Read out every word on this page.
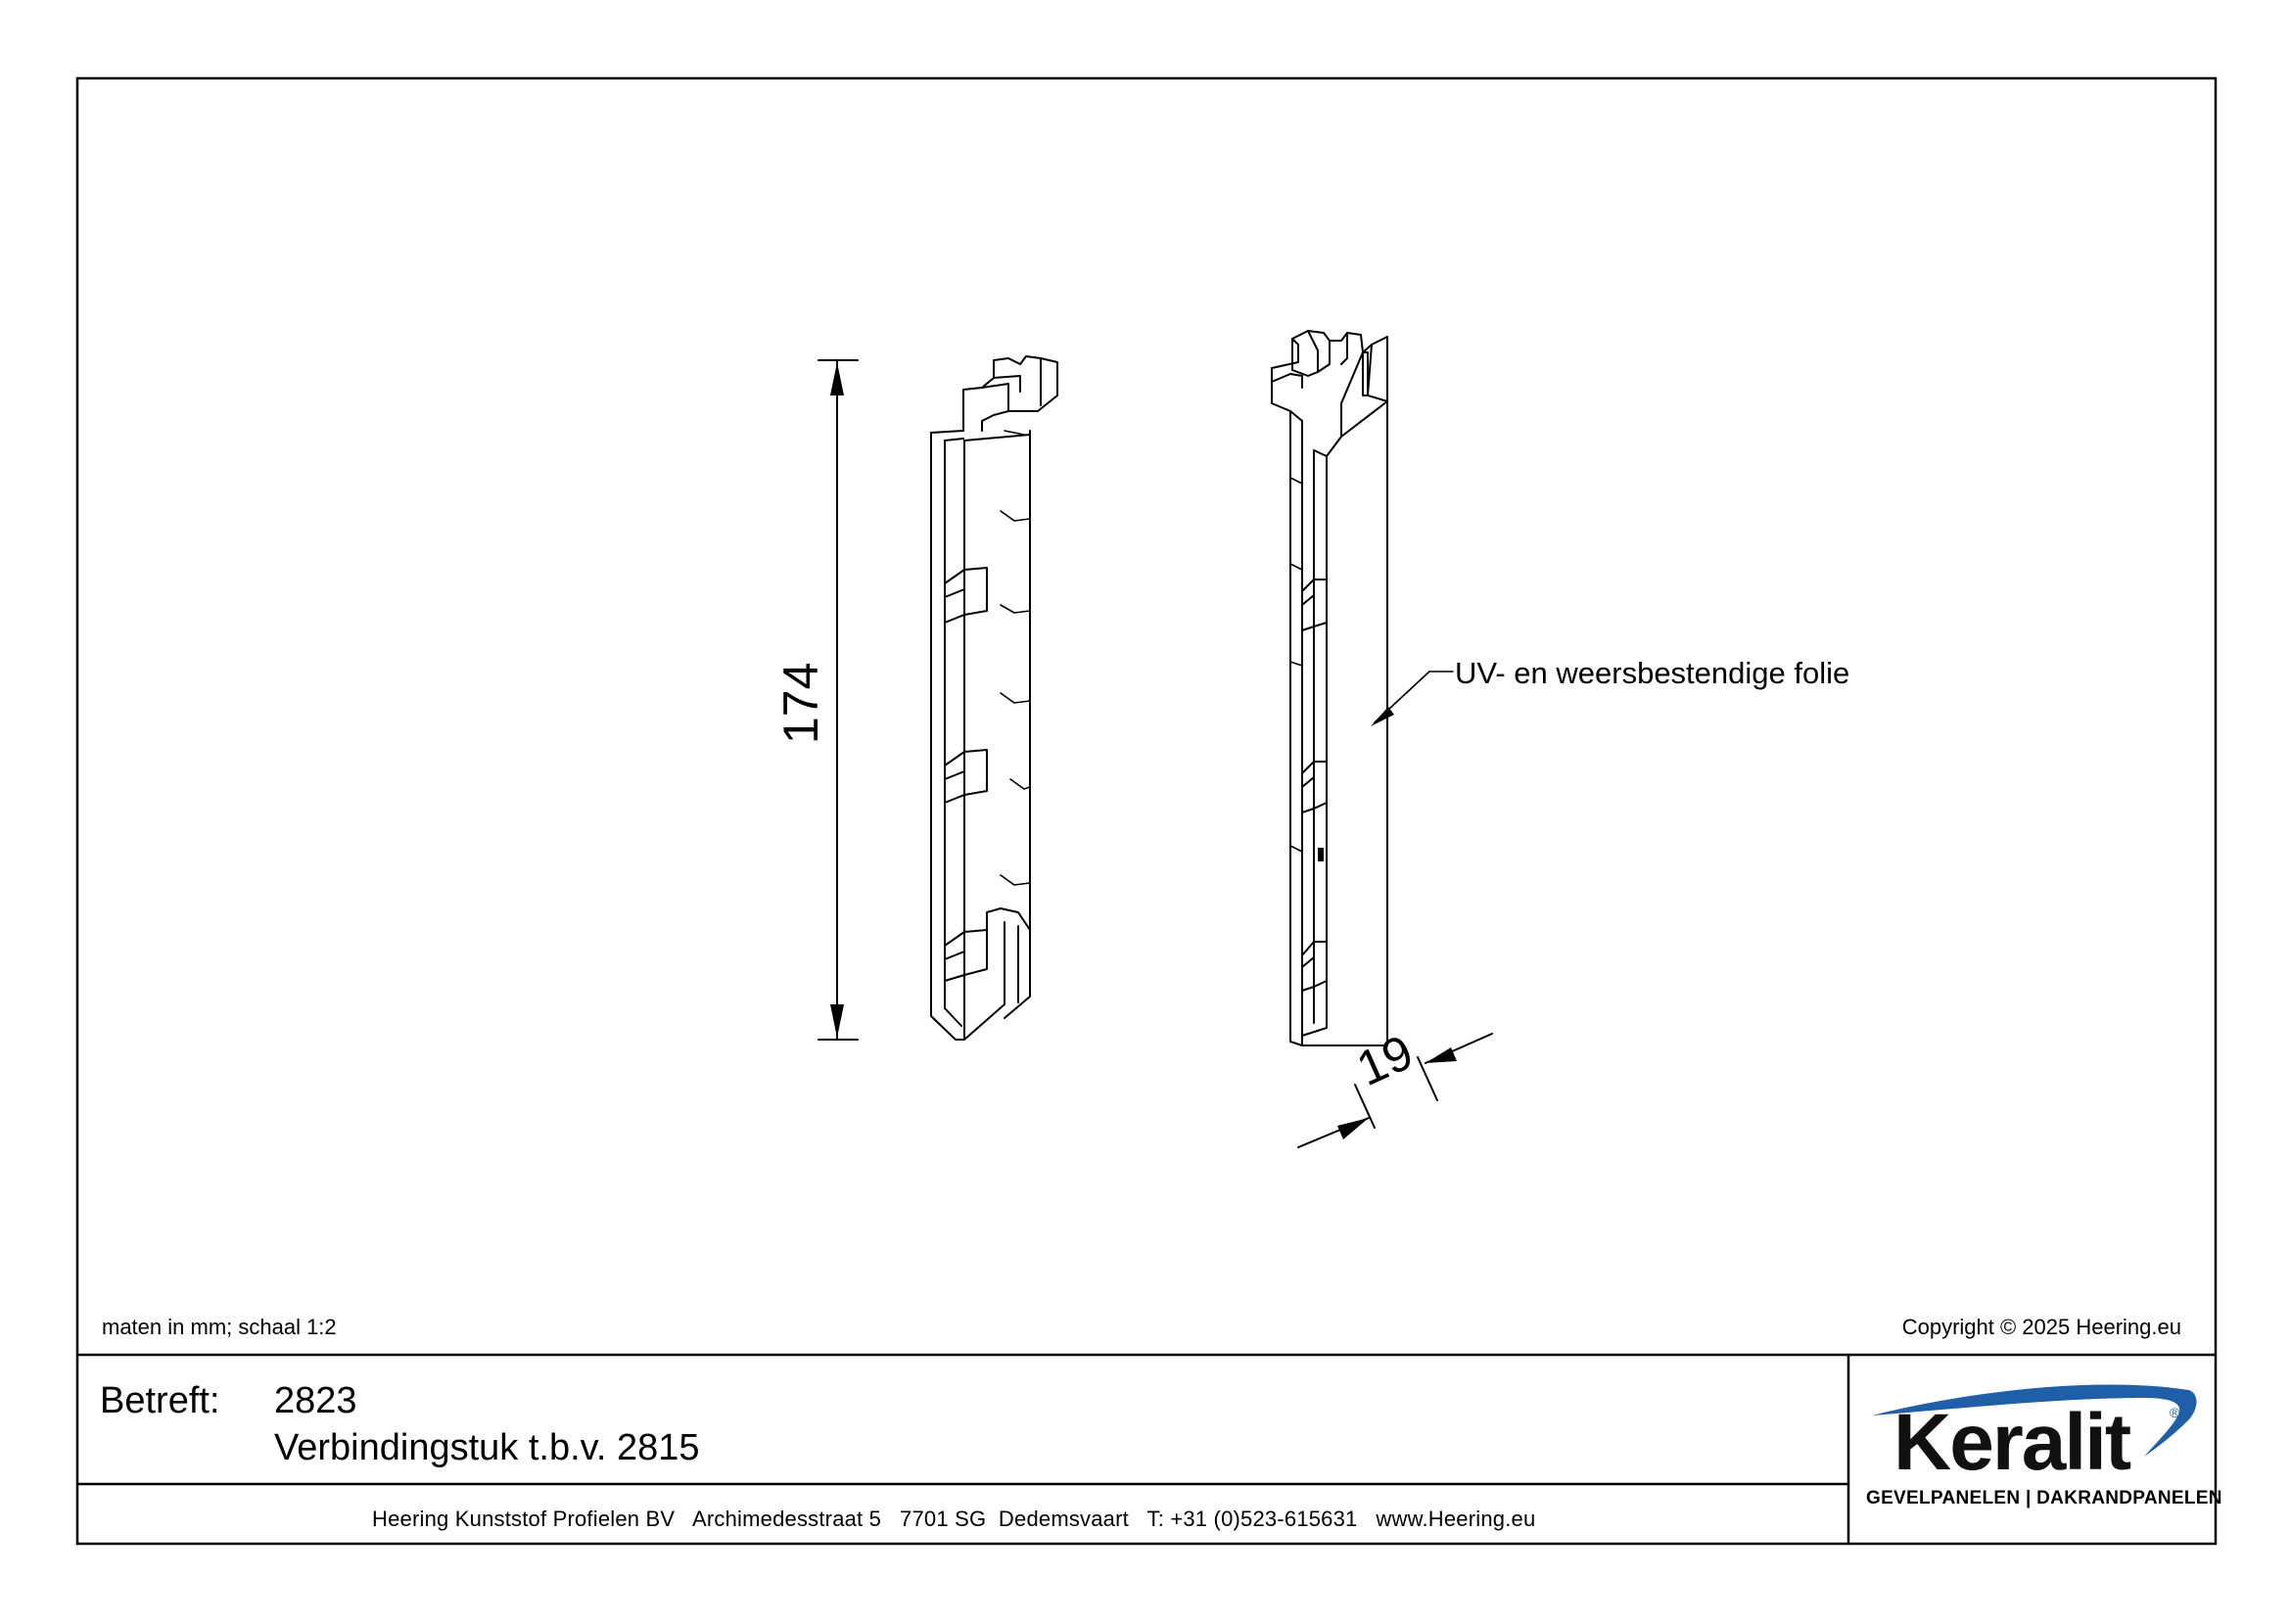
174	UV- en weersbestendige folie
19
Keralit	®
GEVELPANELEN | DAKRANDPANELEN
maten in mm; schaal 1:2	Copyright © 2025 Heering.eu
Betreft: 2823
Verbindingstuk t.b.v. 2815
Heering Kunststof Profielen BV   Archimedesstraat 5   7701 SG  Dedemsvaart   T: +31 (0)523-615631   www.Heering.eu
